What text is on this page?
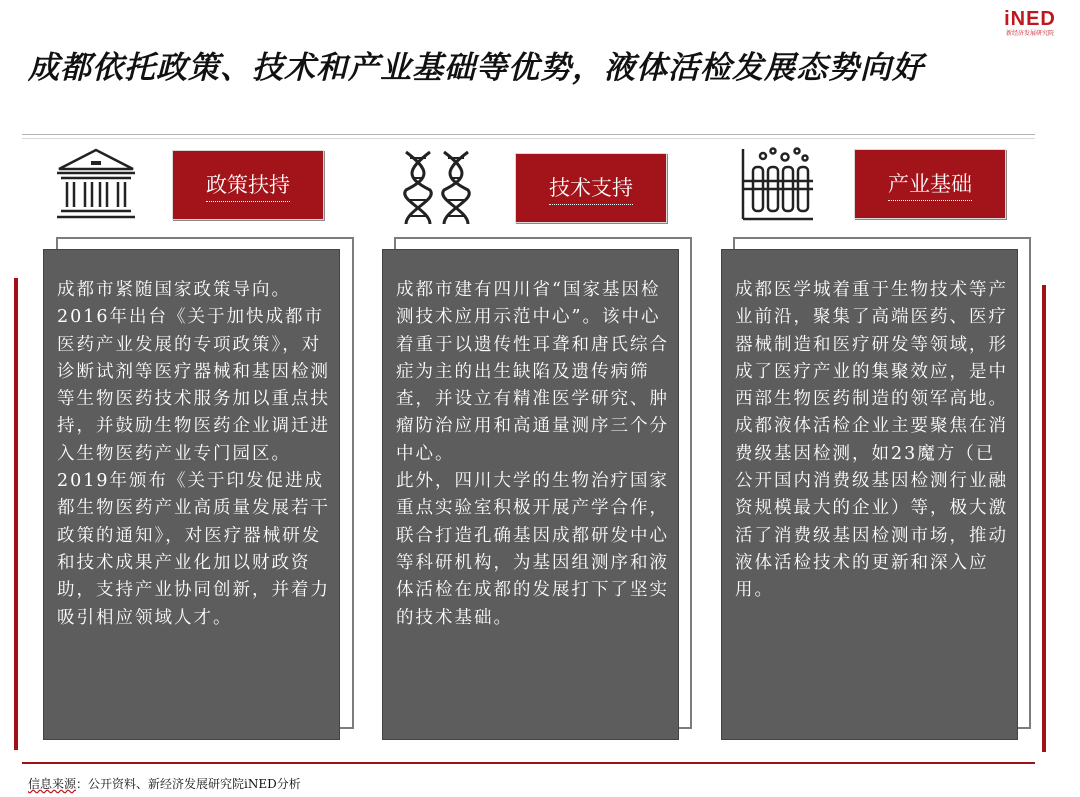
iNED
新经济发展研究院
成都依托政策、技术和产业基础等优势，液体活检发展态势向好
政策扶持
成都市紧随国家政策导向。
2016年出台《关于加快成都市医药产业发展的专项政策》，对诊断试剂等医疗器械和基因检测等生物医药技术服务加以重点扶持，并鼓励生物医药企业调迁进入生物医药产业专门园区。
2019年颁布《关于印发促进成都生物医药产业高质量发展若干政策的通知》，对医疗器械研发和技术成果产业化加以财政资助，支持产业协同创新，并着力吸引相应领域人才。
技术支持
成都市建有四川省“国家基因检测技术应用示范中心”。该中心着重于以遗传性耳聋和唐氏综合症为主的出生缺陷及遗传病筛查，并设立有精准医学研究、肿瘤防治应用和高通量测序三个分中心。
此外，四川大学的生物治疗国家重点实验室积极开展产学合作，联合打造孔确基因成都研发中心等科研机构，为基因组测序和液体活检在成都的发展打下了坚实的技术基础。
产业基础
成都医学城着重于生物技术等产业前沿，聚集了高端医药、医疗器械制造和医疗研发等领域，形成了医疗产业的集聚效应，是中西部生物医药制造的领军高地。
成都液体活检企业主要聚焦在消费级基因检测，如23魔方（已公开国内消费级基因检测行业融资规模最大的企业）等，极大激活了消费级基因检测市场，推动液体活检技术的更新和深入应用。
信息来源：公开资料、新经济发展研究院iNED分析
